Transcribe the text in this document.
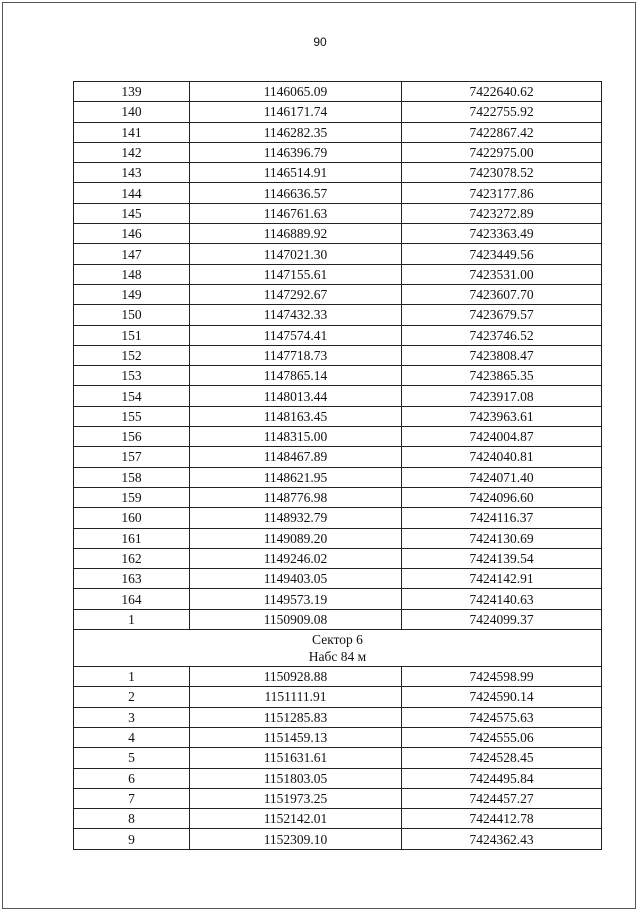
90
139	1146065.09	7422640.62
140	1146171.74	7422755.92
141	1146282.35	7422867.42
142	1146396.79	7422975.00
143	1146514.91	7423078.52
144	1146636.57	7423177.86
145	1146761.63	7423272.89
146	1146889.92	7423363.49
147	1147021.30	7423449.56
148	1147155.61	7423531.00
149	1147292.67	7423607.70
150	1147432.33	7423679.57
151	1147574.41	7423746.52
152	1147718.73	7423808.47
153	1147865.14	7423865.35
154	1148013.44	7423917.08
155	1148163.45	7423963.61
156	1148315.00	7424004.87
157	1148467.89	7424040.81
158	1148621.95	7424071.40
159	1148776.98	7424096.60
160	1148932.79	7424116.37
161	1149089.20	7424130.69
162	1149246.02	7424139.54
163	1149403.05	7424142.91
164	1149573.19	7424140.63
1	1150909.08	7424099.37

Сектор 6
Набс 84 м		

1	1150928.88	7424598.99
2	1151111.91	7424590.14
3	1151285.83	7424575.63
4	1151459.13	7424555.06
5	1151631.61	7424528.45
6	1151803.05	7424495.84
7	1151973.25	7424457.27
8	1152142.01	7424412.78
9	1152309.10	7424362.43
